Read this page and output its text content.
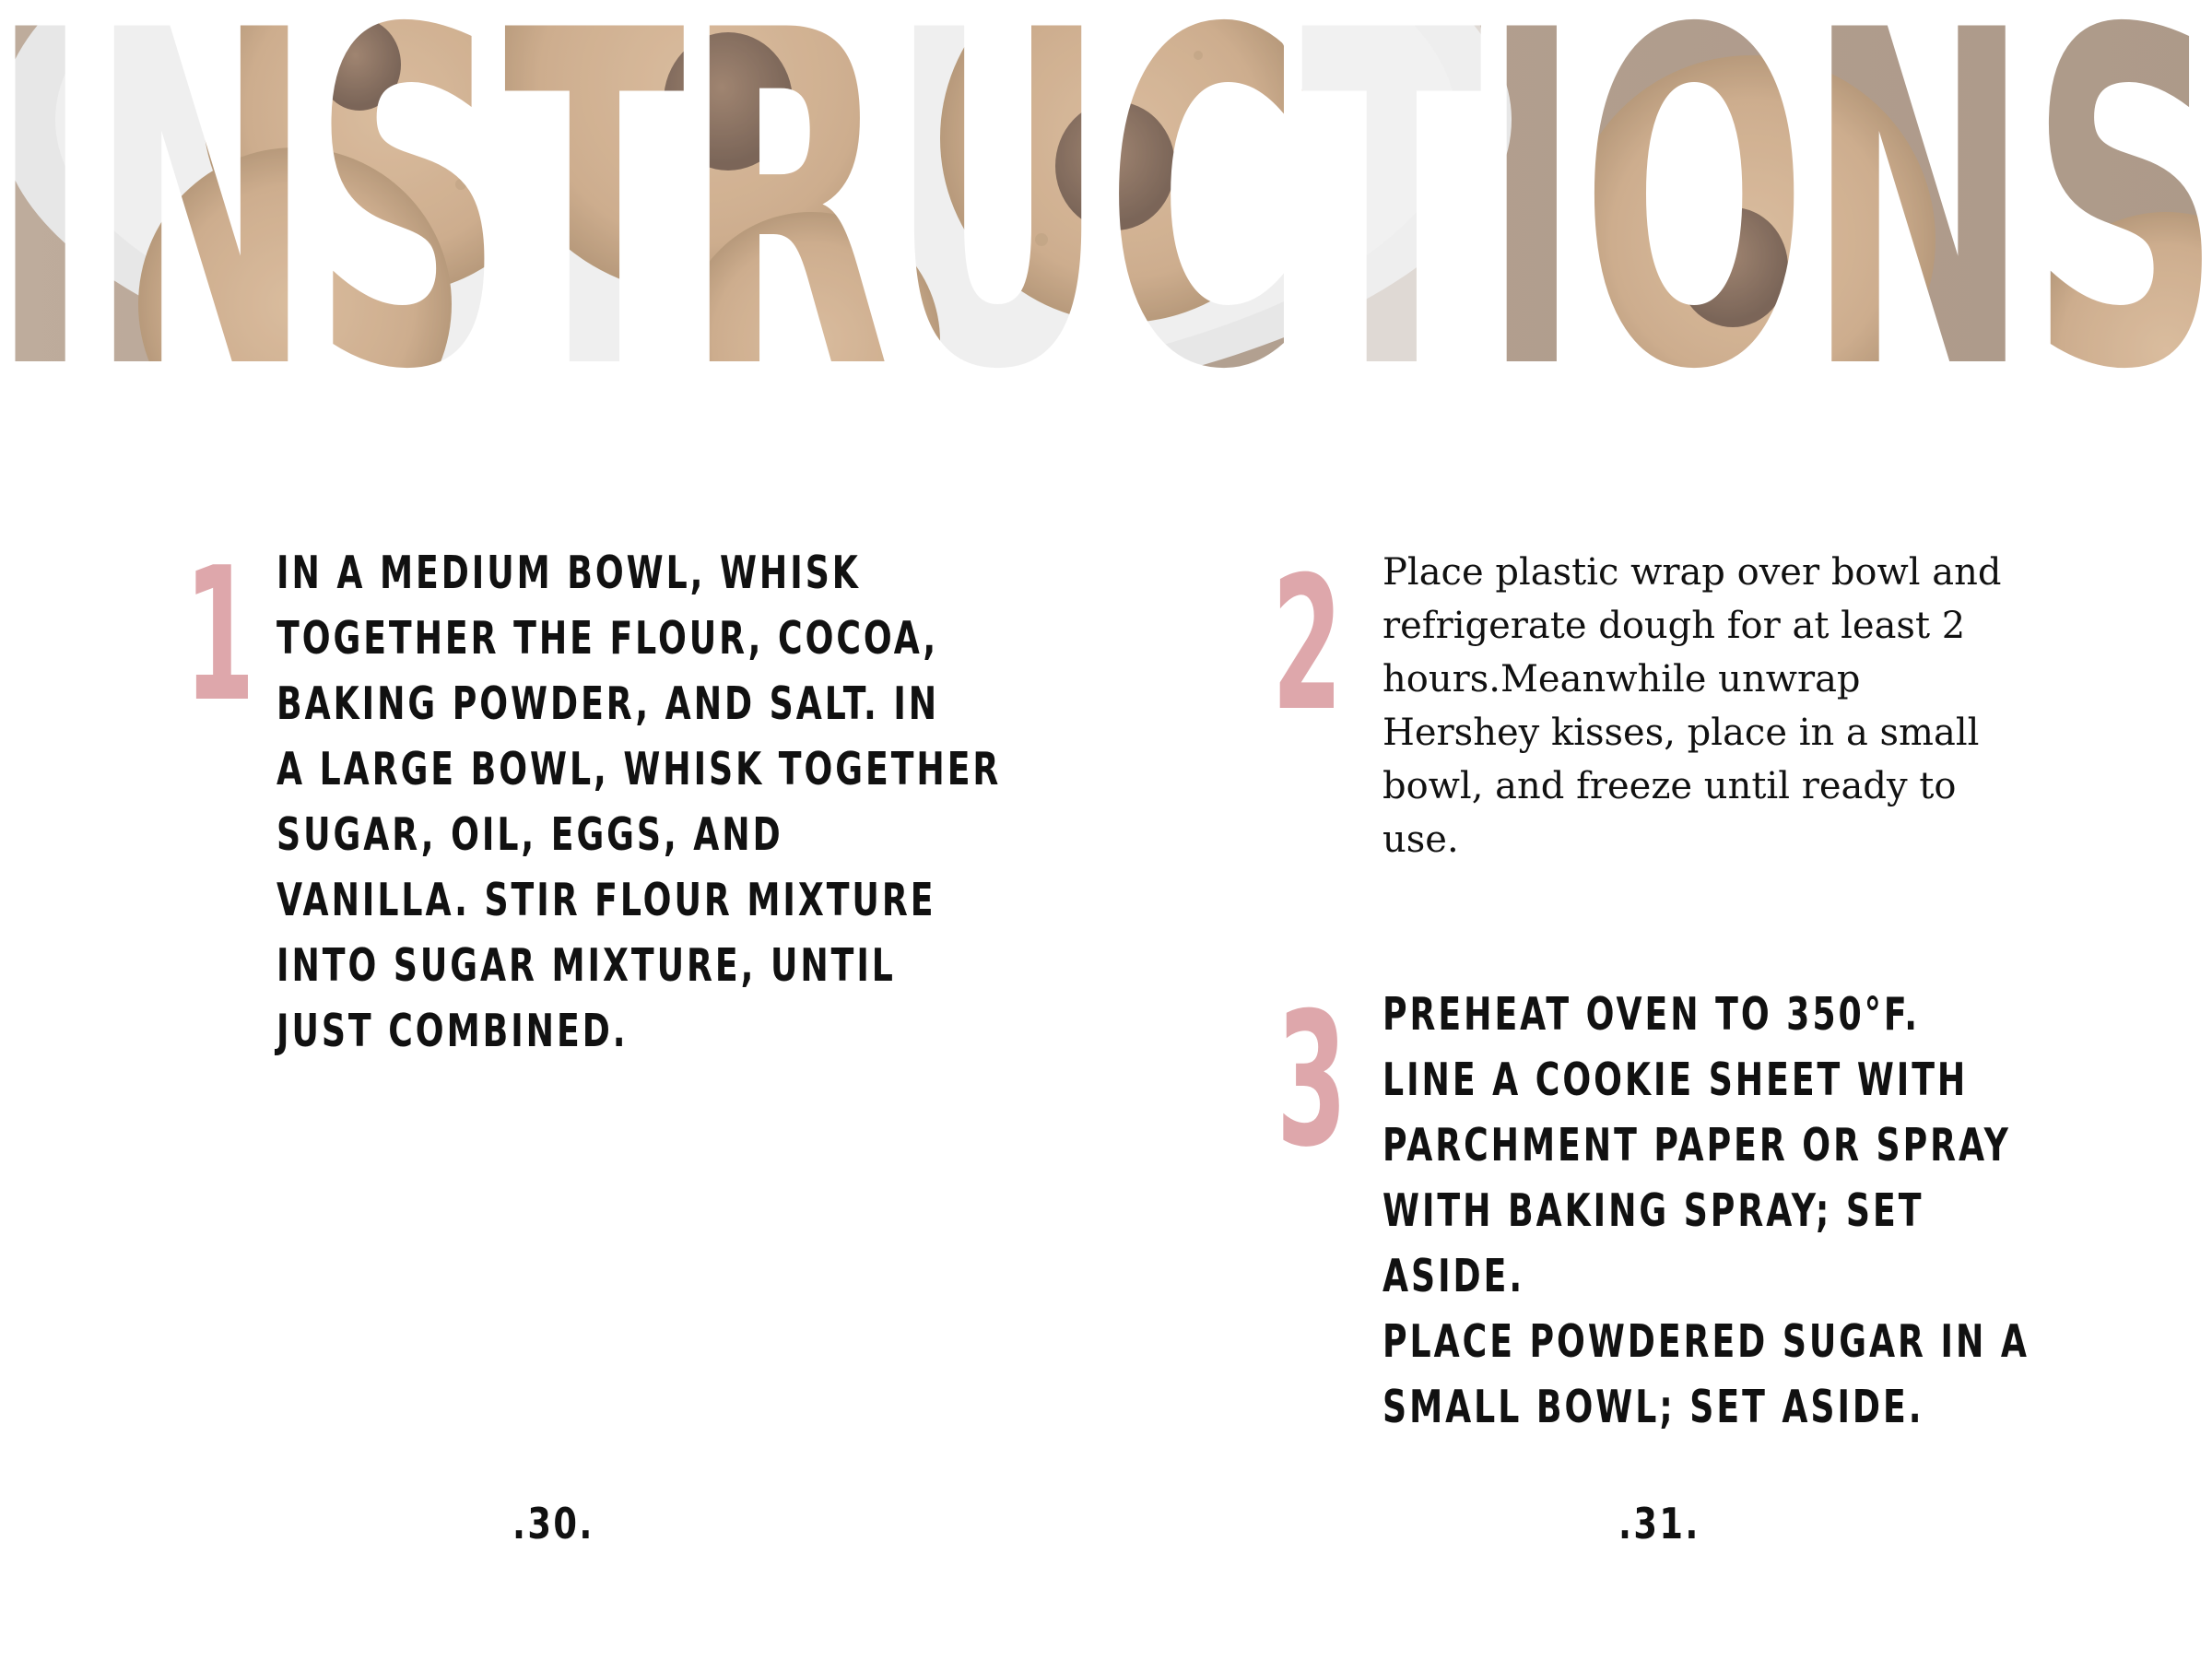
1 IN A MEDIUM BOWL, WHISK
TOGETHER THE FLOUR, COCOA,
BAKING POWDER, AND SALT. IN
A LARGE BOWL, WHISK TOGETHER
SUGAR, OIL, EGGS, AND
VANILLA. STIR FLOUR MIXTURE
INTO SUGAR MIXTURE, UNTIL
JUST COMBINED.
2 Place plastic wrap over bowl and
refrigerate dough for at least 2
hours.Meanwhile unwrap
Hershey kisses, place in a small
bowl, and freeze until ready to
use.
3 PREHEAT OVEN TO 350°F.
LINE A COOKIE SHEET WITH
PARCHMENT PAPER OR SPRAY
WITH BAKING SPRAY; SET ASIDE.
PLACE POWDERED SUGAR IN A
SMALL BOWL; SET ASIDE.
.30.	.31.
